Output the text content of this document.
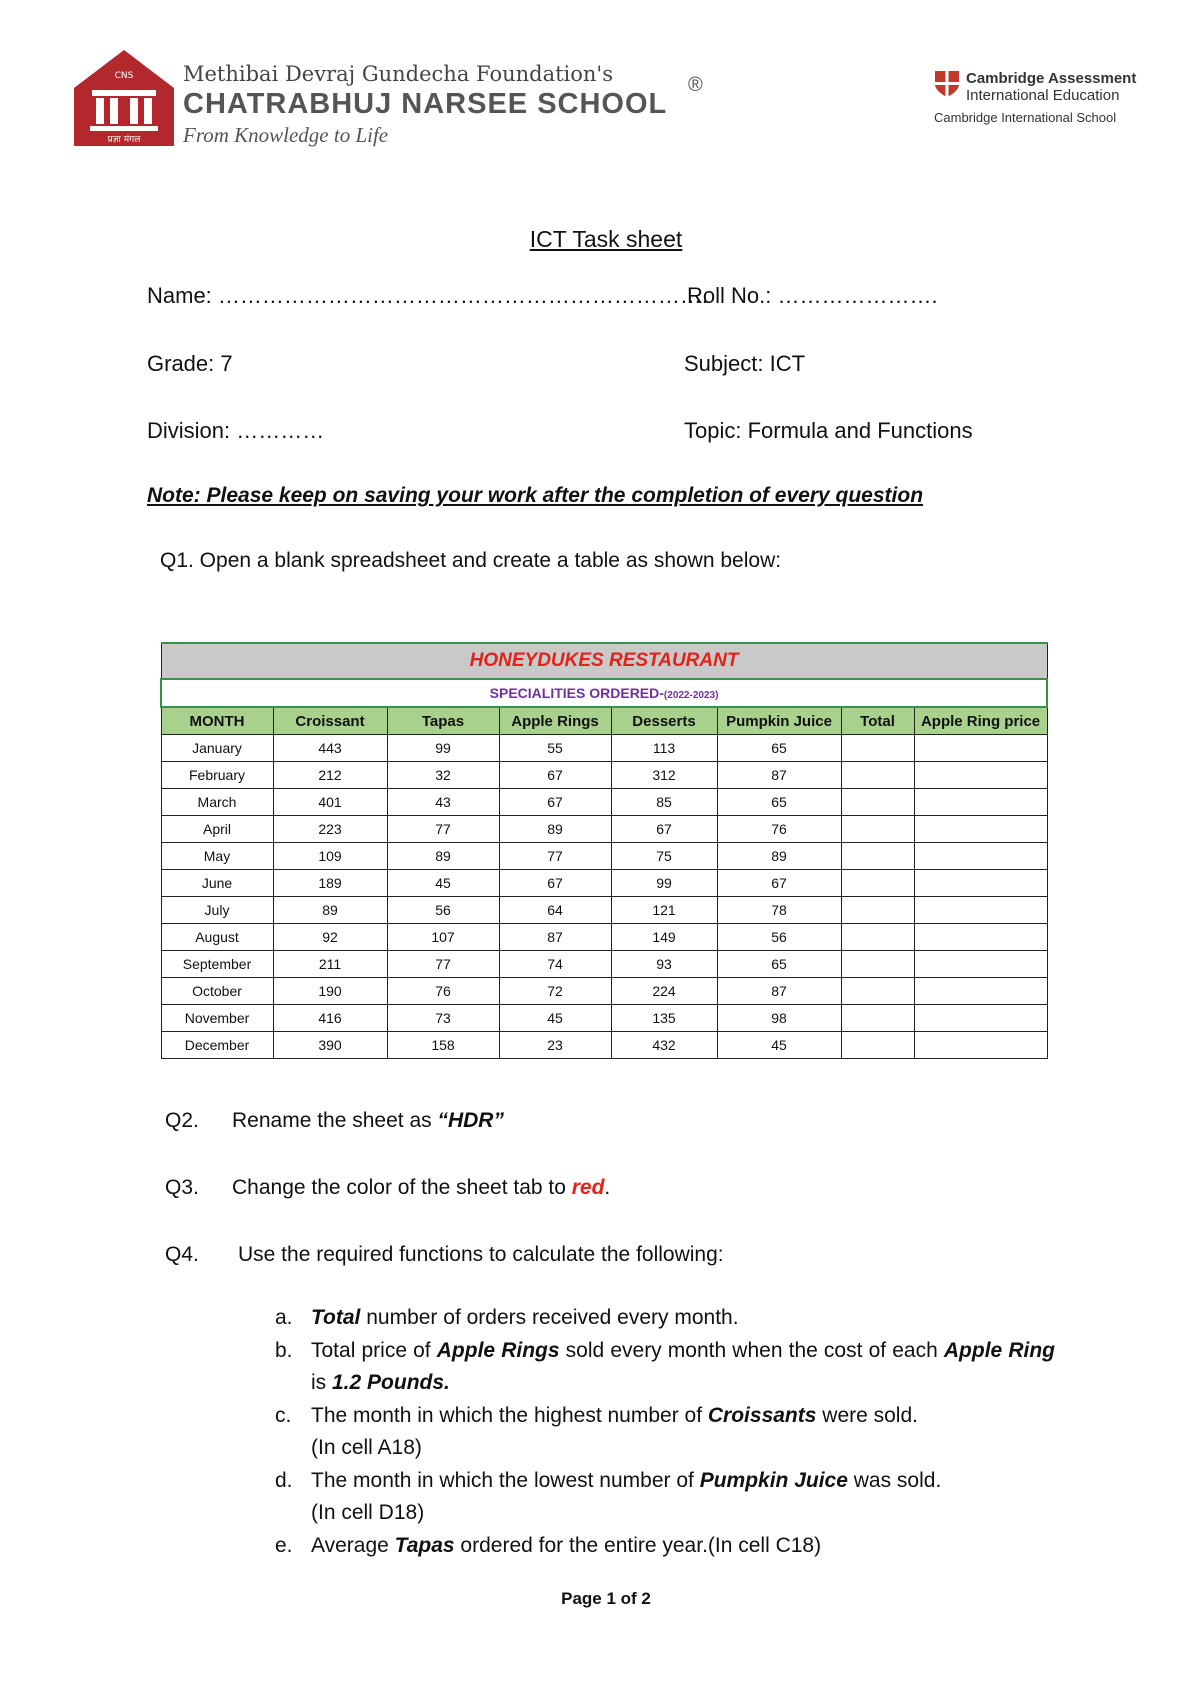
CNS
प्रज्ञा मंगल
Methibai Devraj Gundecha Foundation's
CHATRABHUJ NARSEE SCHOOL
From Knowledge to Life
®	Cambridge Assessment
International Education
Cambridge International School
ICT Task sheet
Name: ………………………………………………………….
Roll No.: ………………….
Grade: 7	Subject: ICT
Division: …………	Topic: Formula and Functions
Note: Please keep on saving your work after the completion of every question
Q1. Open a blank spreadsheet and create a table as shown below:
HONEYDUKES RESTAURANT							
SPECIALITIES ORDERED-(2022-2023)							
MONTH	Croissant	Tapas	Apple Rings	Desserts	Pumpkin Juice	Total	Apple Ring price
January	443	99	55	113	65		
February	212	32	67	312	87		
March	401	43	67	85	65		
April	223	77	89	67	76		
May	109	89	77	75	89		
June	189	45	67	99	67		
July	89	56	64	121	78		
August	92	107	87	149	56		
September	211	77	74	93	65		
October	190	76	72	224	87		
November	416	73	45	135	98		
December	390	158	23	432	45		
Q2. Rename the sheet as “HDR”
Q3. Change the color of the sheet tab to red.
Q4. Use the required functions to calculate the following:
a. Total number of orders received every month.
b. Total price of Apple Rings sold every month when the cost of each Apple Ring is 1.2 Pounds.
c. The month in which the highest number of Croissants were sold.
(In cell A18)
d. The month in which the lowest number of Pumpkin Juice was sold.
(In cell D18)
e. Average Tapas ordered for the entire year.(In cell C18)
Page 1 of 2
